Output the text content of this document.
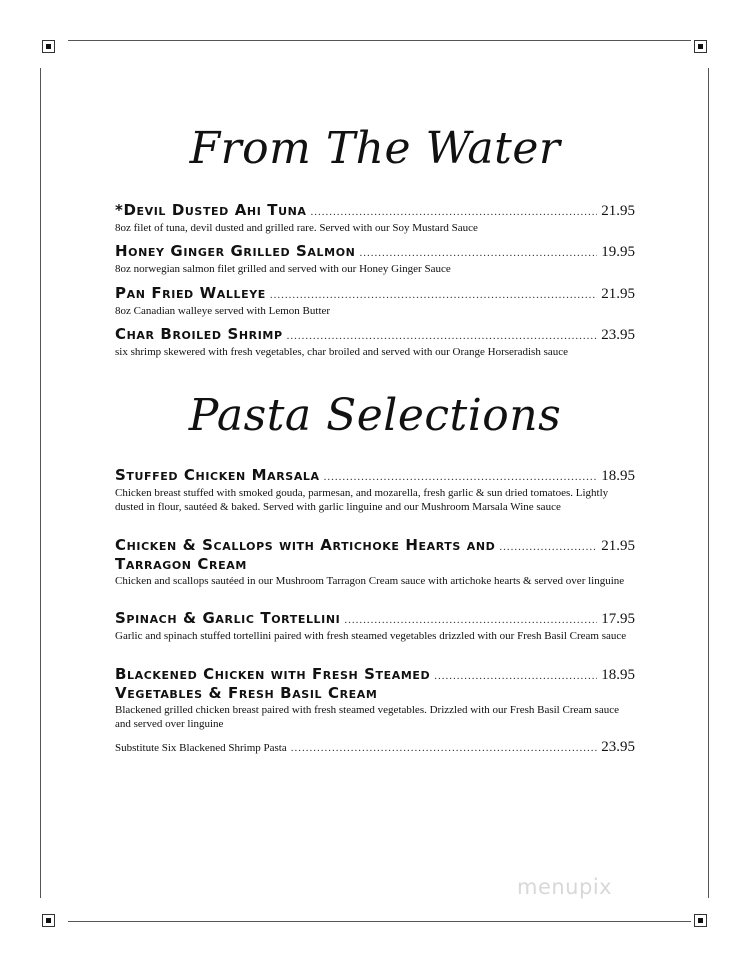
From The Water
*Devil Dusted Ahi Tuna .....	21.95
8oz filet of tuna, devil dusted and grilled rare. Served with our Soy Mustard Sauce
Honey Ginger Grilled Salmon .....	19.95
8oz norwegian salmon filet grilled and served with our Honey Ginger Sauce
Pan Fried Walleye .....	21.95
8oz Canadian walleye served with Lemon Butter
Char Broiled Shrimp .....	23.95
six shrimp skewered with fresh vegetables, char broiled and served with our Orange Horseradish sauce
Pasta Selections
Stuffed Chicken Marsala .....	18.95
Chicken breast stuffed with smoked gouda, parmesan, and mozarella, fresh garlic & sun dried tomatoes. Lightly dusted in flour, sautéed & baked. Served with garlic linguine and our Mushroom Marsala Wine sauce
Chicken & Scallops with Artichoke Hearts and .....	21.95
Tarragon Cream
Chicken and scallops sautéed in our Mushroom Tarragon Cream sauce with artichoke hearts & served over linguine
Spinach & Garlic Tortellini .....	17.95
Garlic and spinach stuffed tortellini paired with fresh steamed vegetables drizzled with our Fresh Basil Cream sauce
Blackened Chicken with Fresh Steamed .....	18.95
Vegetables & Fresh Basil Cream
Blackened grilled chicken breast paired with fresh steamed vegetables. Drizzled with our Fresh Basil Cream sauce and served over linguine
Substitute Six Blackened Shrimp Pasta .....	23.95
menupix
